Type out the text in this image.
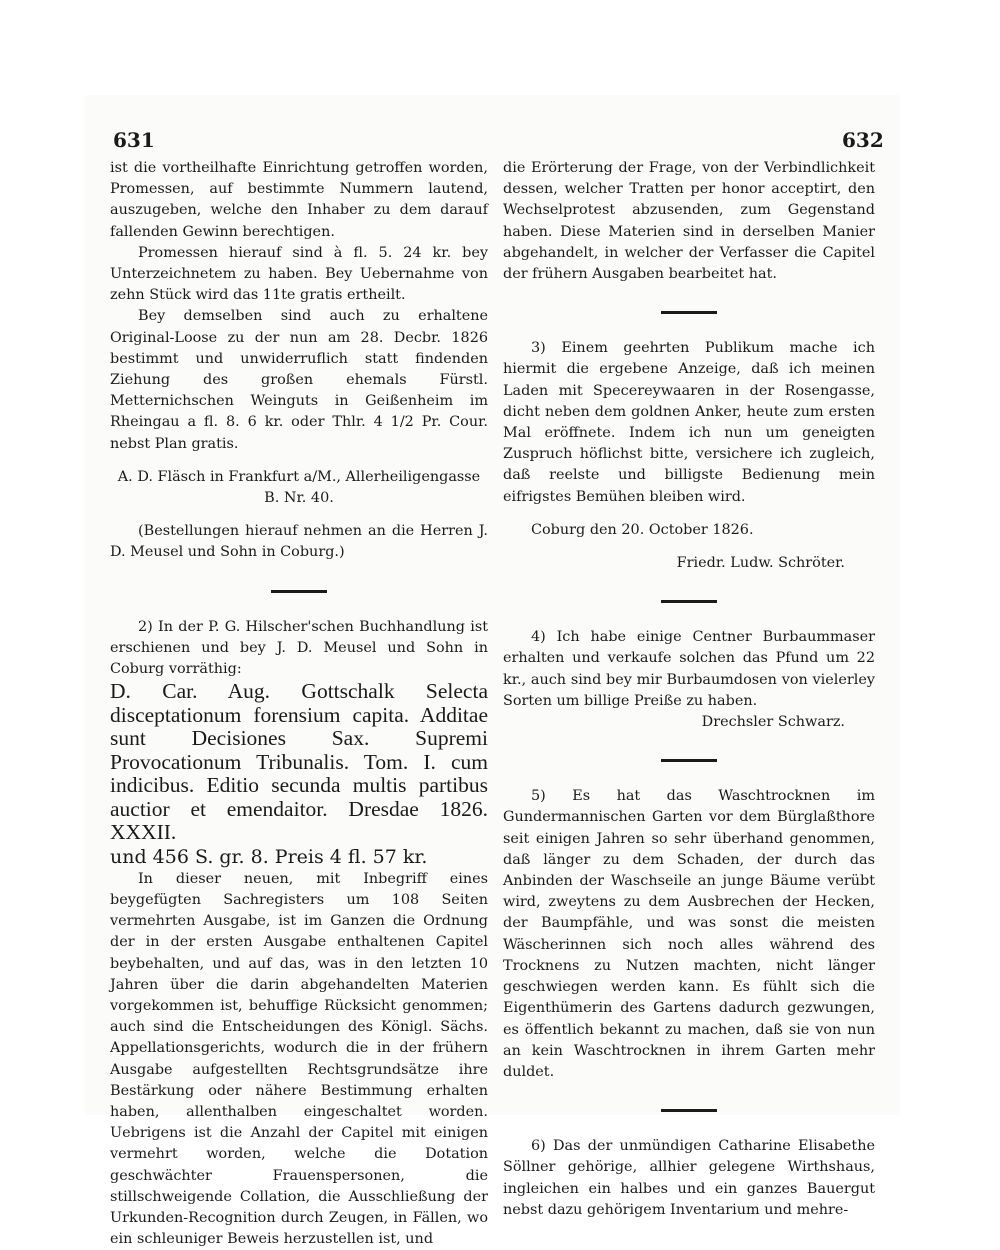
631	632

ist die vortheilhafte Einrichtung getroffen worden, Promessen, auf bestimmte Nummern lautend, auszugeben, welche den Inhaber zu dem darauf fallenden Gewinn berechtigen.

Promessen hierauf sind à fl. 5. 24 kr. bey Unterzeichnetem zu haben. Bey Uebernahme von zehn Stück wird das 11te gratis ertheilt.

Bey demselben sind auch zu erhaltene Original-Loose zu der nun am 28. Decbr. 1826 bestimmt und unwiderruflich statt findenden Ziehung des großen ehemals Fürstl. Metternichschen Weinguts in Geißenheim im Rheingau a fl. 8. 6 kr. oder Thlr. 4 1/2 Pr. Cour. nebst Plan gratis.

A. D. Fläsch in Frankfurt a/M., Allerheiligengasse B. Nr. 40.

(Bestellungen hierauf nehmen an die Herren J. D. Meusel und Sohn in Coburg.)

2) In der P. G. Hilscher'schen Buchhandlung ist erschienen und bey J. D. Meusel und Sohn in Coburg vorräthig:

D. Car. Aug. Gottschalk Selecta disceptationum forensium capita. Additae sunt Decisiones Sax. Supremi Provocationum Tribunalis. Tom. I. cum indicibus. Editio secunda multis partibus auctior et emendaitor. Dresdae 1826. XXXII.

und 456 S. gr. 8. Preis 4 fl. 57 kr.

In dieser neuen, mit Inbegriff eines beygefügten Sachregisters um 108 Seiten vermehrten Ausgabe, ist im Ganzen die Ordnung der in der ersten Ausgabe enthaltenen Capitel beybehalten, und auf das, was in den letzten 10 Jahren über die darin abgehandelten Materien vorgekommen ist, behuffige Rücksicht genommen; auch sind die Entscheidungen des Königl. Sächs. Appellationsgerichts, wodurch die in der frühern Ausgabe aufgestellten Rechtsgrundsätze ihre Bestärkung oder nähere Bestimmung erhalten haben, allenthalben eingeschaltet worden. Uebrigens ist die Anzahl der Capitel mit einigen vermehrt worden, welche die Dotation geschwächter Frauenspersonen, die stillschweigende Collation, die Ausschließung der Urkunden-Recognition durch Zeugen, in Fällen, wo ein schleuniger Beweis herzustellen ist, und

die Erörterung der Frage, von der Verbindlichkeit dessen, welcher Tratten per honor acceptirt, den Wechselprotest abzusenden, zum Gegenstand haben. Diese Materien sind in derselben Manier abgehandelt, in welcher der Verfasser die Capitel der frühern Ausgaben bearbeitet hat.

3) Einem geehrten Publikum mache ich hiermit die ergebene Anzeige, daß ich meinen Laden mit Specereywaaren in der Rosengasse, dicht neben dem goldnen Anker, heute zum ersten Mal eröffnete. Indem ich nun um geneigten Zuspruch höflichst bitte, versichere ich zugleich, daß reelste und billigste Bedienung mein eifrigstes Bemühen bleiben wird.

Coburg den 20. October 1826.

Friedr. Ludw. Schröter.

4) Ich habe einige Centner Burbaummaser erhalten und verkaufe solchen das Pfund um 22 kr., auch sind bey mir Burbaumdosen von vielerley Sorten um billige Preiße zu haben.

Drechsler Schwarz.

5) Es hat das Waschtrocknen im Gundermannischen Garten vor dem Bürglaßthore seit einigen Jahren so sehr überhand genommen, daß länger zu dem Schaden, der durch das Anbinden der Waschseile an junge Bäume verübt wird, zweytens zu dem Ausbrechen der Hecken, der Baumpfähle, und was sonst die meisten Wäscherinnen sich noch alles während des Trocknens zu Nutzen machten, nicht länger geschwiegen werden kann. Es fühlt sich die Eigenthümerin des Gartens dadurch gezwungen, es öffentlich bekannt zu machen, daß sie von nun an kein Waschtrocknen in ihrem Garten mehr duldet.

6) Das der unmündigen Catharine Elisabethe Söllner gehörige, allhier gelegene Wirthshaus, ingleichen ein halbes und ein ganzes Bauergut nebst dazu gehörigem Inventarium und mehre-
